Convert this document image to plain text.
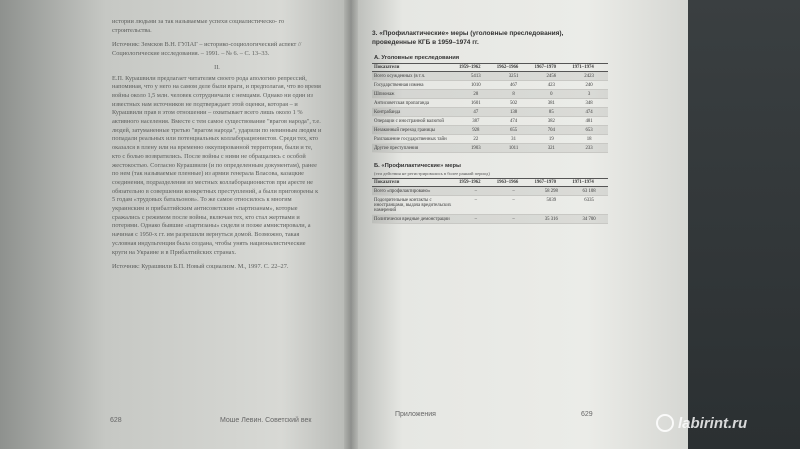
истории людьми за так называемые успехи социалистическо- го строительства.

Источник: Земсков В.Н. ГУЛАГ – историко-социологический аспект // Социологические исследования. – 1991. – № 6. – С. 13–33.

II.

Е.П. Курашвили предлагает читателям своего рода апологию репрессий, напоминая, что у него на самом деле были враги, и предполагая, что во время войны около 1,5 млн. человек сотрудничали с немцами. Однако ни один из известных нам источников не подтверждает этой оценки, которая – и Курашвили прав в этом отношении – охватывает всего лишь около 1 % активного населения. Вместе с тем самое существование "врагов народа", т.е. людей, затуманенные третью "врагом народа", ударили по невинным людям и попадали реальных или потенциальных коллаборационистов. Среди тех, кто оказался в плену или на временно оккупированной территории, были и те, кто с болью возвратились. После войны с ними не обращались с особой жестокостью. Согласно Курашвили (и по определенным документам), ранее по нем (так называемые пленные) из армии генерала Власова, казацкие соединения, подразделения из местных коллаборационистов при аресте не обязательно в совершении конкретных преступлений, а были приговорены к 5 годам «трудовых батальонов». То же самое относилось к многим украинским и прибалтийским антисоветским «партизанам», которые сражались с режимом после войны, включая тех, кто стал жертвами и потерями. Однако бывшие «партизаны» сидели и позже амнистировали, а начиная с 1950-х гг. им разрешили вернуться домой. Возможно, такая условная индульгенция была создана, чтобы унять националистические круги на Украине и в Прибалтийских странах.

Источник: Курашвили Б.П. Новый социализм. М., 1997. С. 22–27.

628	Моше Левин. Советский век

3. «Профилактические» меры (уголовные преследования), проведенные КГБ в 1959–1974 гг.

А. Уголовные преследования

Показатели	1959–1962	1962–1966	1967–1970	1971–1974
Всего осужденных (в т.ч.	5413	3251	2456	2423
Государственная измена	1010	467	423	240
Шпионаж	28	8	0	3
Антисоветская пропаганда	1601	502	381	348
Контрабанда	47	138	85	474
Операции с иностранной валютой	387	474	382	481
Незаконный переход границы	928	655	704	653
Разглашение государственных тайн	22	31	19	18
Другие преступления	1903	1011	321	233

Б. «Профилактические» меры

(эти действия не регистрировались в более ранний период)

Показатели	1959–1962	1963–1966	1967–1970	1971–1974
Всего «профилактировано»	–	–	58 298	63 108
Подозрительные контакты с иностранцами, выдача вредительских намерений	–	–	5039	6335
Политически вредные демонстрации	–	–	35 316	34 700
Приложения	629
labirint.ru
